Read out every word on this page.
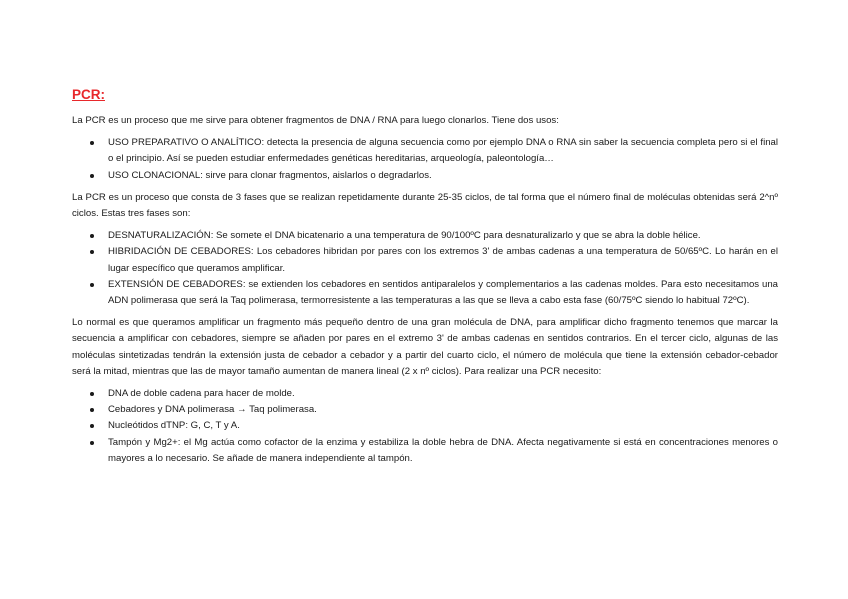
PCR:

La PCR es un proceso que me sirve para obtener fragmentos de DNA / RNA para luego clonarlos. Tiene dos usos:

USO PREPARATIVO O ANALÍTICO: detecta la presencia de alguna secuencia como por ejemplo DNA o RNA sin saber la secuencia completa pero si el final o el principio. Así se pueden estudiar enfermedades genéticas hereditarias, arqueología, paleontología…
USO CLONACIONAL: sirve para clonar fragmentos, aislarlos o degradarlos.

La PCR es un proceso que consta de 3 fases que se realizan repetidamente durante 25-35 ciclos, de tal forma que el número final de moléculas obtenidas será 2^nº ciclos. Estas tres fases son:

DESNATURALIZACIÓN: Se somete el DNA bicatenario a una temperatura de 90/100ºC para desnaturalizarlo y que se abra la doble hélice.
HIBRIDACIÓN DE CEBADORES: Los cebadores hibridan por pares con los extremos 3' de ambas cadenas a una temperatura de 50/65ºC. Lo harán en el lugar específico que queramos amplificar.
EXTENSIÓN DE CEBADORES: se extienden los cebadores en sentidos antiparalelos y complementarios a las cadenas moldes. Para esto necesitamos una ADN polimerasa que será la Taq polimerasa, termorresistente a las temperaturas a las que se lleva a cabo esta fase (60/75ºC siendo lo habitual 72ºC).

Lo normal es que queramos amplificar un fragmento más pequeño dentro de una gran molécula de DNA, para amplificar dicho fragmento tenemos que marcar la secuencia a amplificar con cebadores, siempre se añaden por pares en el extremo 3' de ambas cadenas en sentidos contrarios. En el tercer ciclo, algunas de las moléculas sintetizadas tendrán la extensión justa de cebador a cebador y a partir del cuarto ciclo, el número de molécula que tiene la extensión cebador-cebador será la mitad, mientras que las de mayor tamaño aumentan de manera lineal (2 x nº ciclos). Para realizar una PCR necesito:

DNA de doble cadena para hacer de molde.
Cebadores y DNA polimerasa → Taq polimerasa.
Nucleótidos dTNP: G, C, T y A.
Tampón y Mg2+: el Mg actúa como cofactor de la enzima y estabiliza la doble hebra de DNA. Afecta negativamente si está en concentraciones menores o mayores a lo necesario. Se añade de manera independiente al tampón.
